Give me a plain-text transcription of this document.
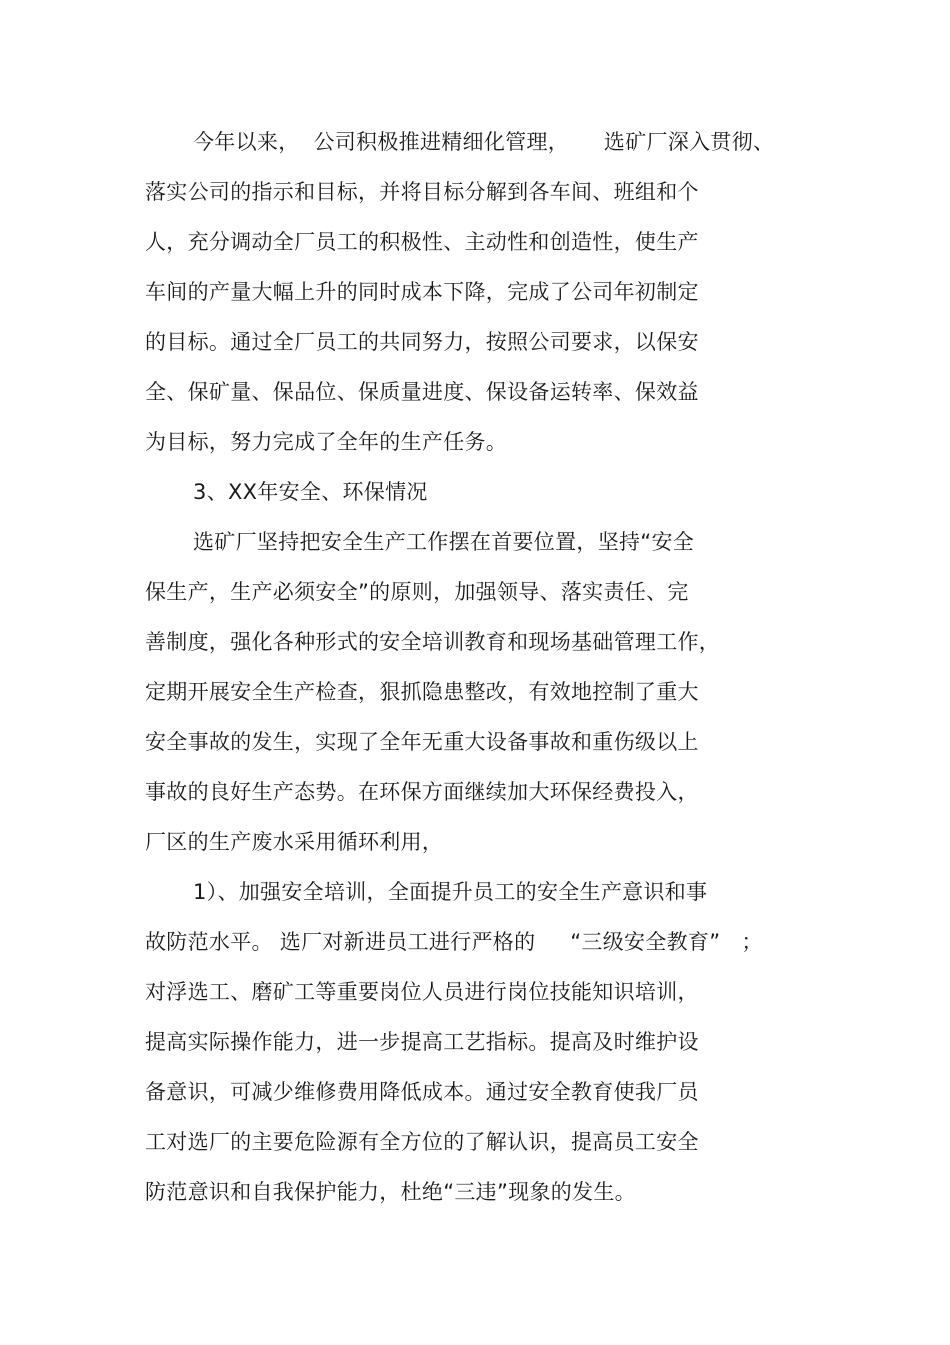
今年以来，  公司积极推进精细化管理，     选矿厂深入贯彻、
落实公司的指示和目标，并将目标分解到各车间、班组和个
人，充分调动全厂员工的积极性、主动性和创造性，使生产
车间的产量大幅上升的同时成本下降，完成了公司年初制定
的目标。通过全厂员工的共同努力，按照公司要求，以保安
全、保矿量、保品位、保质量进度、保设备运转率、保效益
为目标，努力完成了全年的生产任务。
3、XX年安全、环保情况
选矿厂坚持把安全生产工作摆在首要位置，坚持“安全
保生产，生产必须安全”的原则，加强领导、落实责任、完
善制度，强化各种形式的安全培训教育和现场基础管理工作，
定期开展安全生产检查，狠抓隐患整改，有效地控制了重大
安全事故的发生，实现了全年无重大设备事故和重伤级以上
事故的良好生产态势。在环保方面继续加大环保经费投入，
厂区的生产废水采用循环利用，
1）、加强安全培训，全面提升员工的安全生产意识和事
故防范水平。 选厂对新进员工进行严格的     “三级安全教育”   ；
对浮选工、磨矿工等重要岗位人员进行岗位技能知识培训，
提高实际操作能力，进一步提高工艺指标。提高及时维护设
备意识，可减少维修费用降低成本。通过安全教育使我厂员
工对选厂的主要危险源有全方位的了解认识，提高员工安全
防范意识和自我保护能力，杜绝“三违”现象的发生。
